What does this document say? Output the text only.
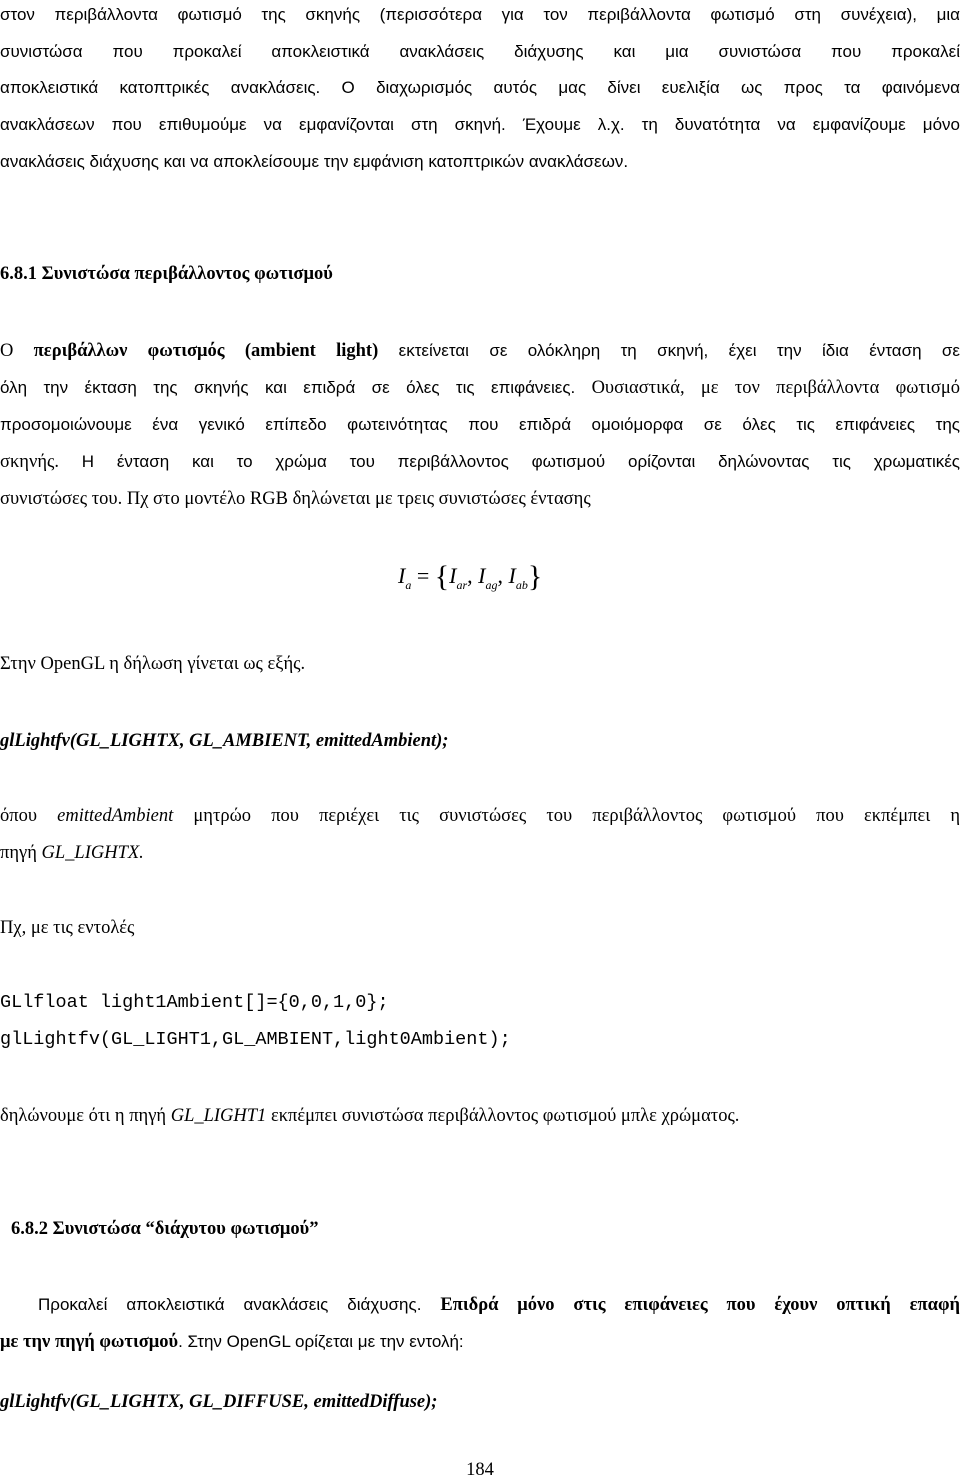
στον περιβάλλοντα φωτισμό της σκηνής (περισσότερα για τον περιβάλλοντα φωτισμό στη συνέχεια), μια
συνιστώσα που προκαλεί αποκλειστικά ανακλάσεις διάχυσης και μια συνιστώσα που προκαλεί
αποκλειστικά κατοπτρικές ανακλάσεις. Ο διαχωρισμός αυτός μας δίνει ευελιξία ως προς τα φαινόμενα
ανακλάσεων που επιθυμούμε να εμφανίζονται στη σκηνή. Έχουμε λ.χ. τη δυνατότητα να εμφανίζουμε μόνο
ανακλάσεις διάχυσης και να αποκλείσουμε την εμφάνιση κατοπτρικών ανακλάσεων.
6.8.1 Συνιστώσα περιβάλλοντος φωτισμού
Ο περιβάλλων φωτισμός (ambient light) εκτείνεται σε ολόκληρη τη σκηνή, έχει την ίδια ένταση σε
όλη την έκταση της σκηνής και επιδρά σε όλες τις επιφάνειες. Ουσιαστικά, με τον περιβάλλοντα φωτισμό
προσομοιώνουμε ένα γενικό επίπεδο φωτεινότητας που επιδρά ομοιόμορφα σε όλες τις επιφάνειες της
σκηνής. Η ένταση και το χρώμα του περιβάλλοντος φωτισμού ορίζονται δηλώνοντας τις χρωματικές
συνιστώσες του. Πχ στο μοντέλο RGB δηλώνεται με τρεις συνιστώσες έντασης
$I_a = \{I_{ar}$, $I_{ag}$, $I_{ab}$}
Στην OpenGL η δήλωση γίνεται ως εξής.
glLightfv(GL_LIGHTX, GL_AMBIENT, emittedAmbient);
όπου emittedAmbient μητρώο που περιέχει τις συνιστώσες του περιβάλλοντος φωτισμού που εκπέμπει η
πηγή GL_LIGHTX.
Πχ, με τις εντολές
GLlfloat light1Ambient[]={0,0,1,0};
glLightfv(GL_LIGHT1,GL_AMBIENT,light0Ambient);
δηλώνουμε ότι η πηγή GL_LIGHT1 εκπέμπει συνιστώσα περιβάλλοντος φωτισμού μπλε χρώματος.
6.8.2 Συνιστώσα “διάχυτου φωτισμού”
Προκαλεί αποκλειστικά ανακλάσεις διάχυσης. Επιδρά μόνο στις επιφάνειες που έχουν οπτική επαφή
με την πηγή φωτισμού. Στην OpenGL ορίζεται με την εντολή:
glLightfv(GL_LIGHTX, GL_DIFFUSE, emittedDiffuse);
184
